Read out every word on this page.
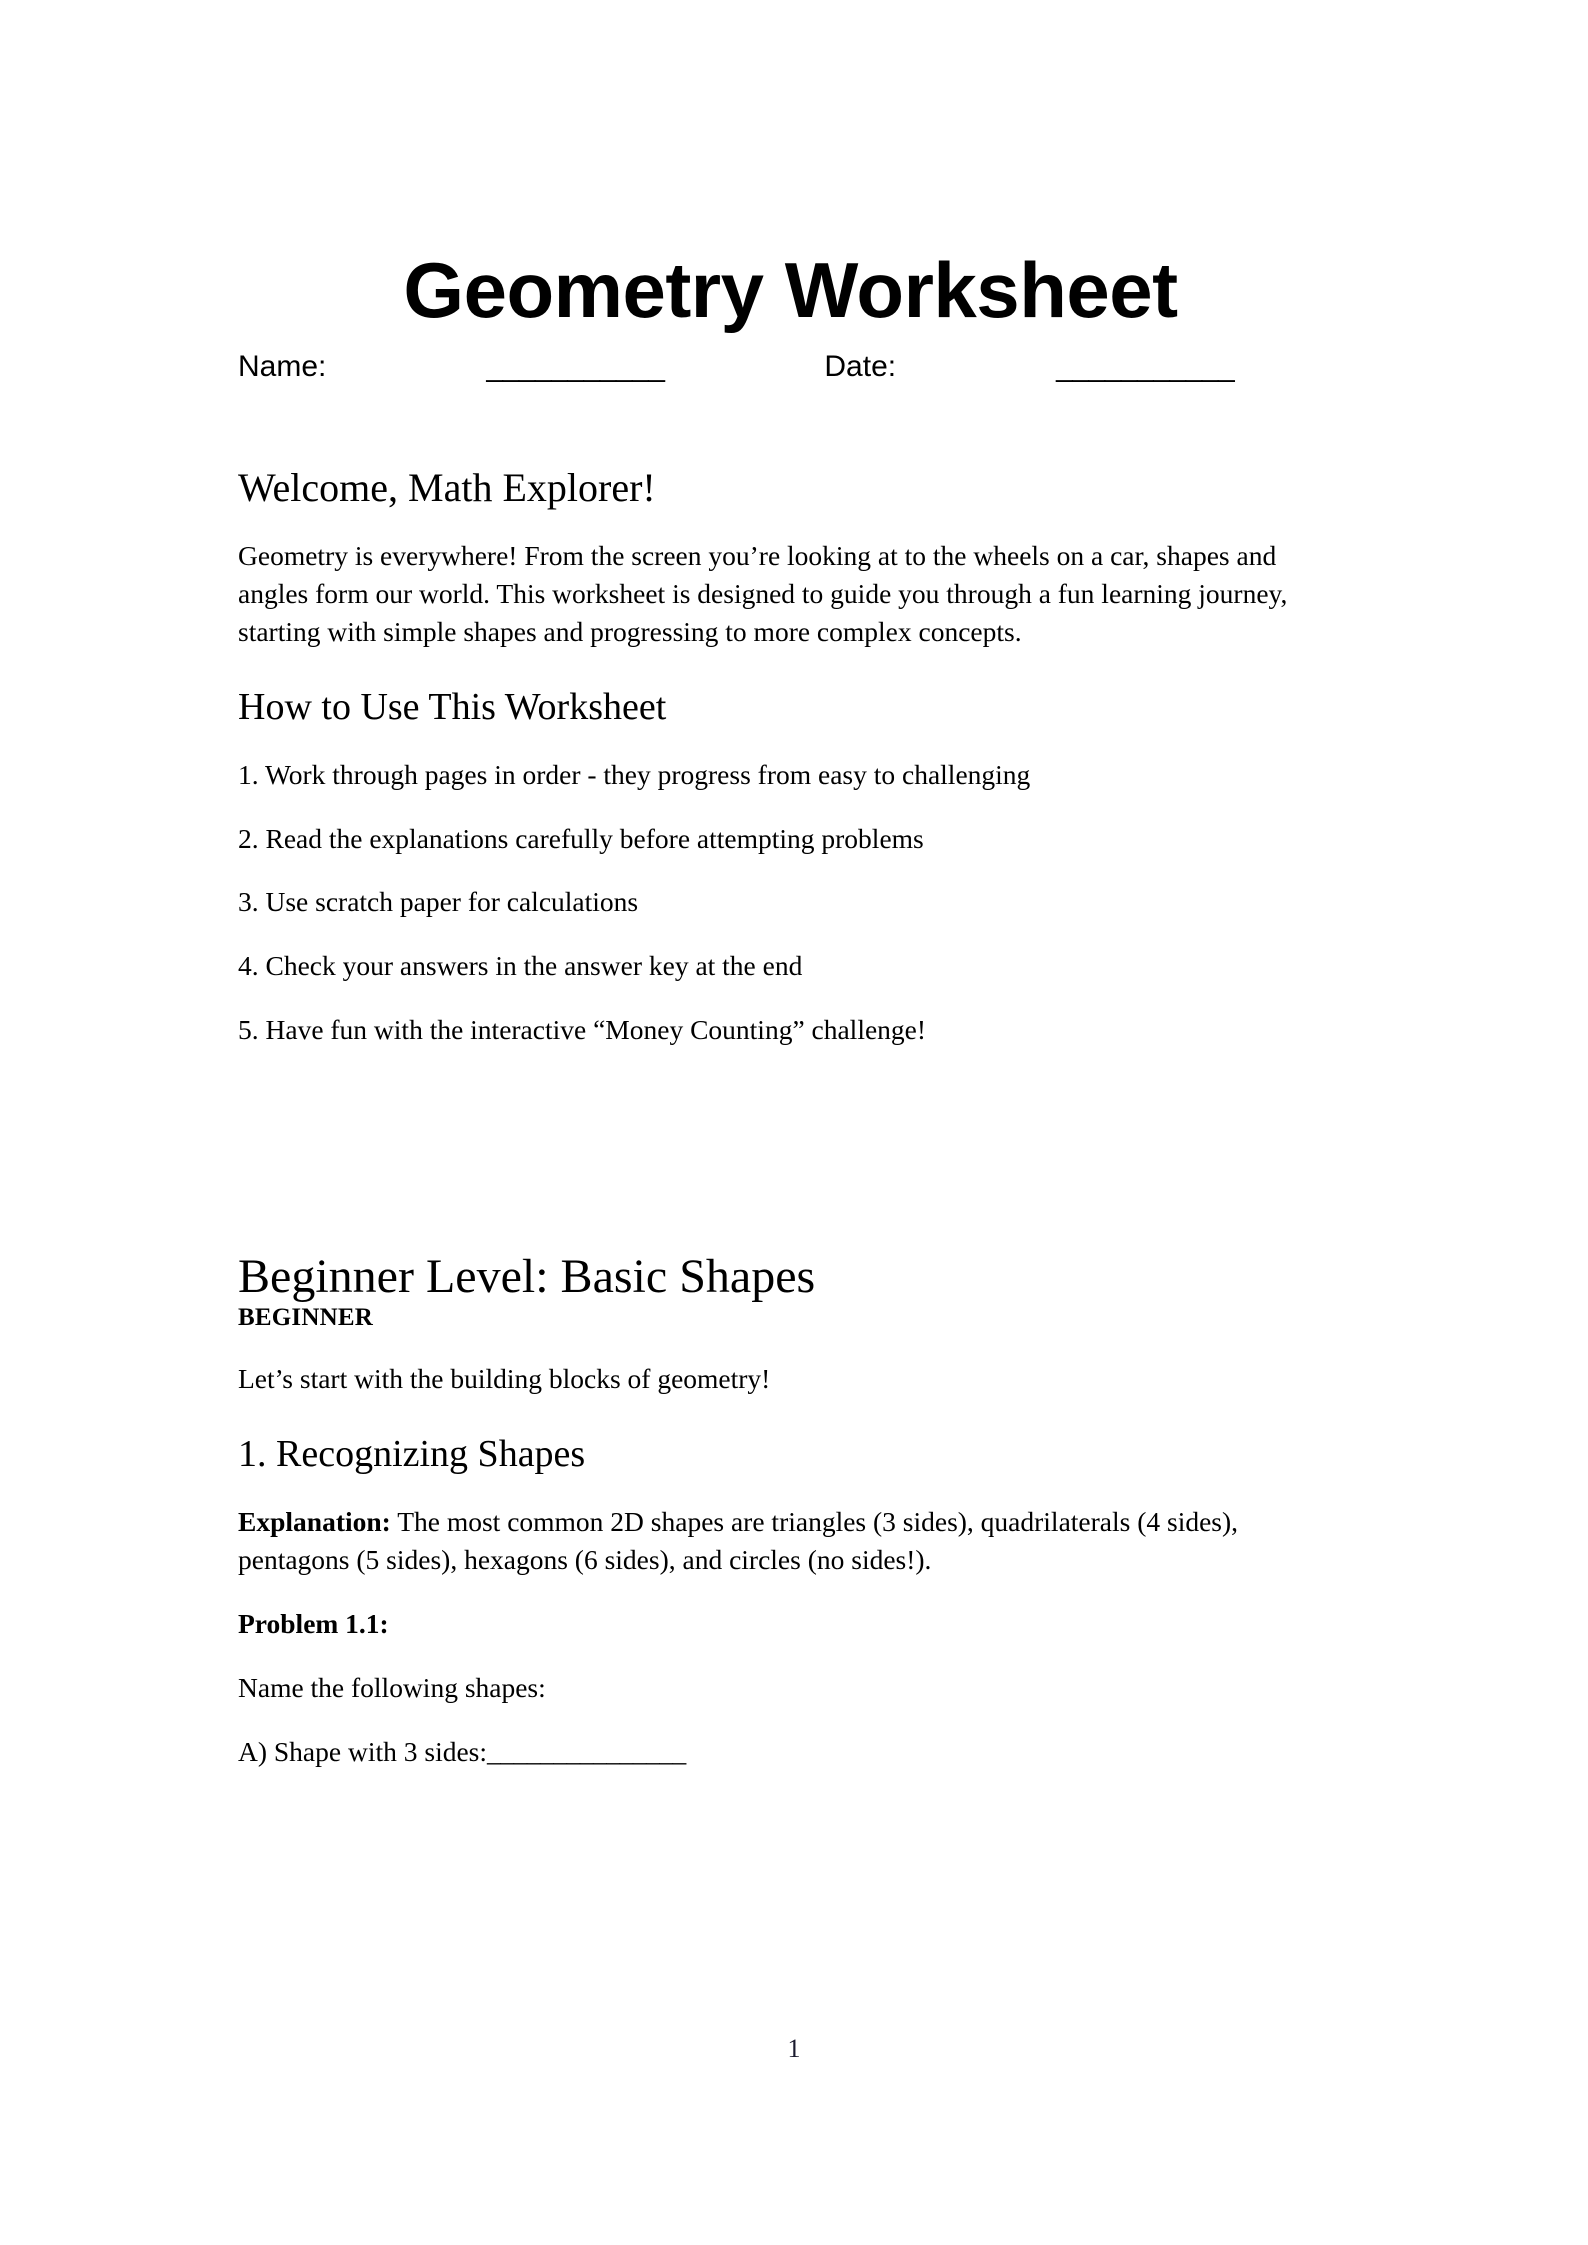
Geometry Worksheet

Name:	___________	Date:	___________

Welcome, Math Explorer!

Geometry is everywhere! From the screen you’re looking at to the wheels on a car, shapes and angles form our world. This worksheet is designed to guide you through a fun learning journey, starting with simple shapes and progressing to more complex concepts.

How to Use This Worksheet

1. Work through pages in order - they progress from easy to challenging

2. Read the explanations carefully before attempting problems

3. Use scratch paper for calculations

4. Check your answers in the answer key at the end

5. Have fun with the interactive “Money Counting” challenge!

Beginner Level: Basic Shapes

BEGINNER

Let’s start with the building blocks of geometry!

1. Recognizing Shapes

Explanation: The most common 2D shapes are triangles (3 sides), quadrilaterals (4 sides), pentagons (5 sides), hexagons (6 sides), and circles (no sides!).

Problem 1.1:

Name the following shapes:

A) Shape with 3 sides:_______________

1
